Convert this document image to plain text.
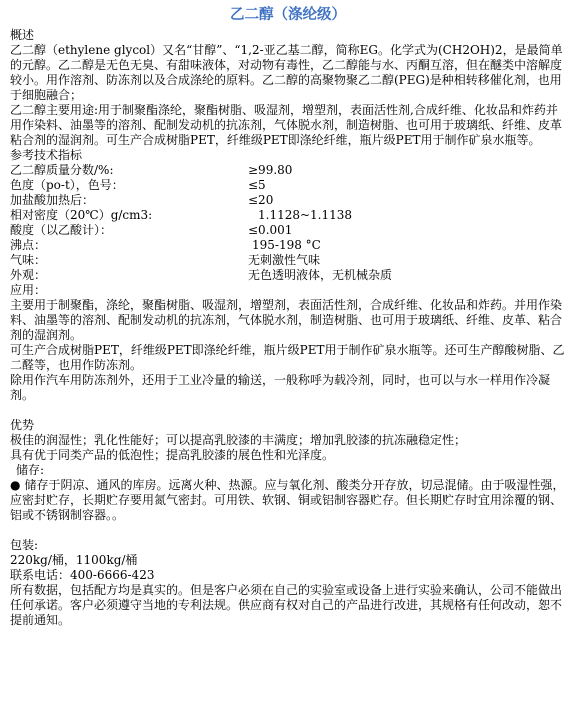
乙二醇（涤纶级）
概述
乙二醇（ethylene glycol）又名“甘醇”、“1,2-亚乙基二醇，简称EG。化学式为(CH2OH)2，是最简单的元醇。乙二醇是无色无臭、有甜味液体，对动物有毒性，乙二醇能与水、丙酮互溶，但在醚类中溶解度较小。用作溶剂、防冻剂以及合成涤纶的原料。乙二醇的高聚物聚乙二醇(PEG)是种相转移催化剂，也用于细胞融合；
乙二醇主要用途:用于制聚酯涤纶，聚酯树脂、吸湿剂，增塑剂，表面活性剂,合成纤维、化妆品和炸药并用作染料、油墨等的溶剂、配制发动机的抗冻剂，气体脱水剂，制造树脂、也可用于玻璃纸、纤维、皮革粘合剂的湿润剂。可生产合成树脂PET，纤维级PET即涤纶纤维，瓶片级PET用于制作矿泉水瓶等。
参考技术指标
乙二醇质量分数/%:	≥99.80
色度（po-t），色号：	≤5
加盐酸加热后：	≤20
相对密度（20℃）g/cm3:	1.1128~1.1138
酸度（以乙酸计）：	≤0.001
沸点：	195-198 °C
气味：	无刺激性气味
外观：	无色透明液体，无机械杂质
应用：
主要用于制聚酯，涤纶，聚酯树脂、吸湿剂，增塑剂，表面活性剂，合成纤维、化妆品和炸药。并用作染料、油墨等的溶剂、配制发动机的抗冻剂，气体脱水剂，制造树脂、也可用于玻璃纸、纤维、皮革、粘合剂的湿润剂。
可生产合成树脂PET，纤维级PET即涤纶纤维，瓶片级PET用于制作矿泉水瓶等。还可生产醇酸树脂、乙二醛等，也用作防冻剂。
除用作汽车用防冻剂外，还用于工业冷量的输送，一般称呼为载冷剂，同时，也可以与水一样用作冷凝剂。
优势
极佳的润湿性；乳化性能好；可以提高乳胶漆的丰满度；增加乳胶漆的抗冻融稳定性；
具有优于同类产品的低泡性；提高乳胶漆的展色性和光泽度。
储存:
● 储存于阴凉、通风的库房。远离火种、热源。应与氧化剂、酸类分开存放，切忌混储。由于吸湿性强，应密封贮存，长期贮存要用氮气密封。可用铁、软钢、铜或铝制容器贮存。但长期贮存时宜用涂覆的钢、铝或不锈钢制容器。。
包装:
220kg/桶，1100kg/桶
联系电话：400-6666-423
所有数据，包括配方均是真实的。但是客户必须在自己的实验室或设备上进行实验来确认，公司不能做出任何承诺。客户必须遵守当地的专利法规。供应商有权对自己的产品进行改进，其规格有任何改动，恕不提前通知。
